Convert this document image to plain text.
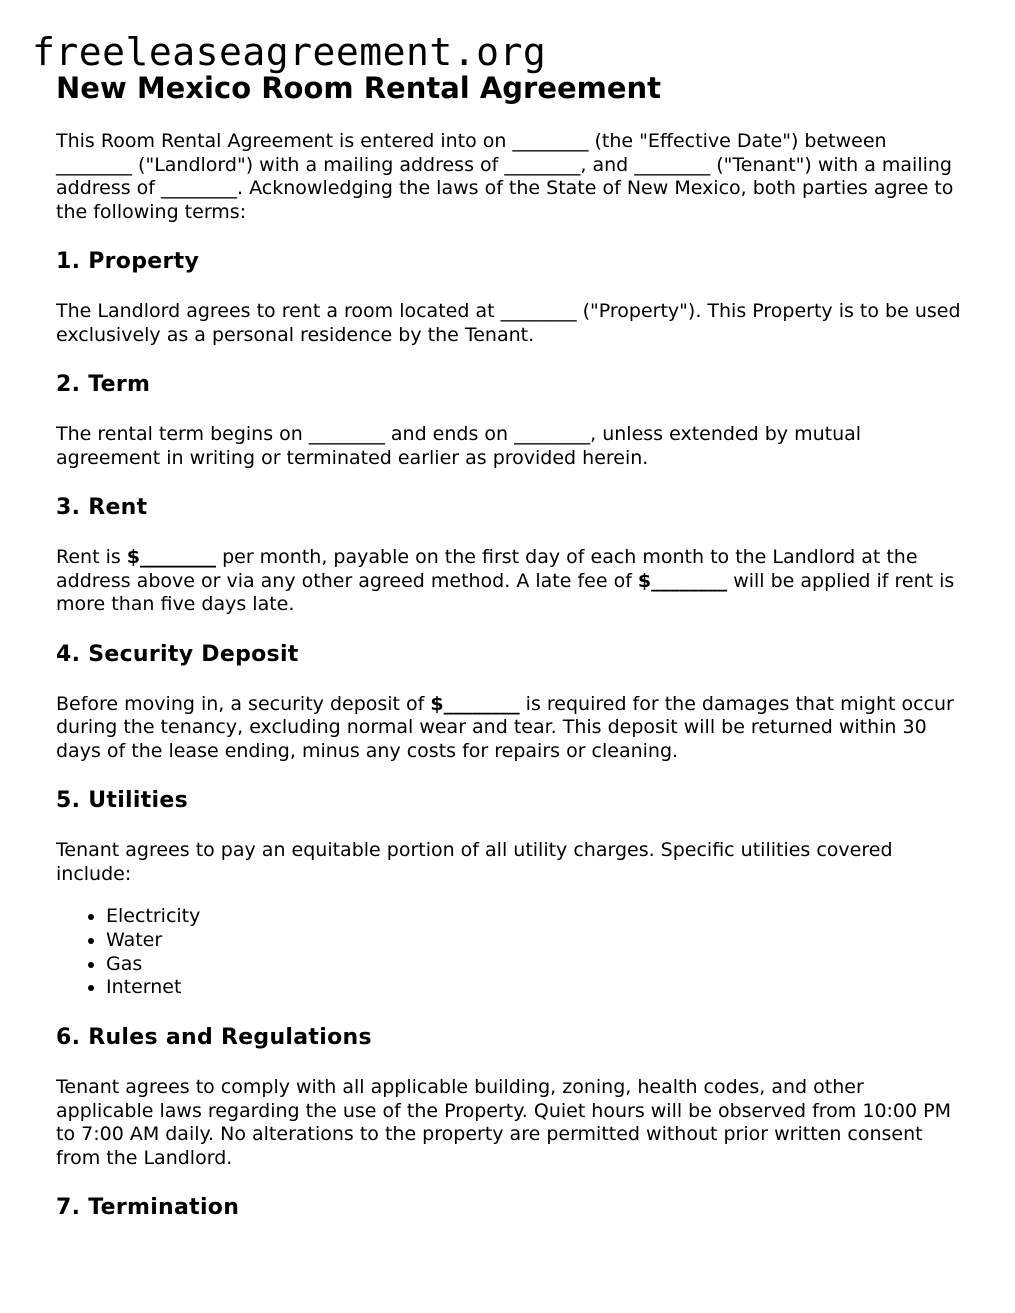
freeleaseagreement.org
New Mexico Room Rental Agreement

This Room Rental Agreement is entered into on ________ (the "Effective Date") between ________ ("Landlord") with a mailing address of ________, and ________ ("Tenant") with a mailing address of ________. Acknowledging the laws of the State of New Mexico, both parties agree to the following terms:

1. Property

The Landlord agrees to rent a room located at ________ ("Property"). This Property is to be used exclusively as a personal residence by the Tenant.

2. Term

The rental term begins on ________ and ends on ________, unless extended by mutual agreement in writing or terminated earlier as provided herein.

3. Rent

Rent is $________ per month, payable on the first day of each month to the Landlord at the address above or via any other agreed method. A late fee of $________ will be applied if rent is more than five days late.

4. Security Deposit

Before moving in, a security deposit of $________ is required for the damages that might occur during the tenancy, excluding normal wear and tear. This deposit will be returned within 30 days of the lease ending, minus any costs for repairs or cleaning.

5. Utilities

Tenant agrees to pay an equitable portion of all utility charges. Specific utilities covered include:

• Electricity
• Water
• Gas
• Internet
6. Rules and Regulations

Tenant agrees to comply with all applicable building, zoning, health codes, and other applicable laws regarding the use of the Property. Quiet hours will be observed from 10:00 PM to 7:00 AM daily. No alterations to the property are permitted without prior written consent from the Landlord.

7. Termination
